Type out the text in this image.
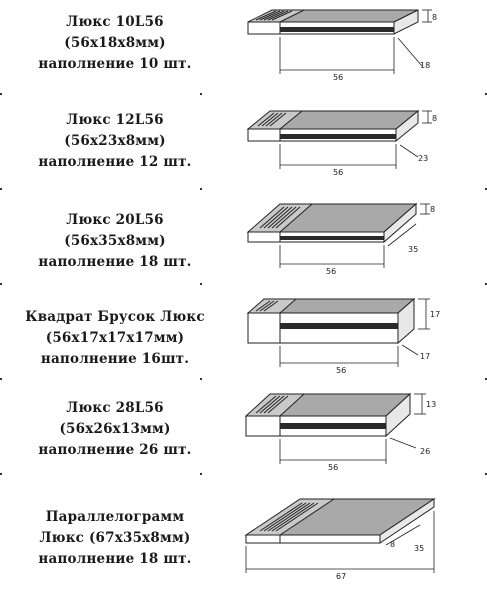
Люкс 10L56
(56x18x8мм)
наполнение 10 шт.
56
8
18
Люкс 12L56
(56x23x8мм)
наполнение 12 шт.
56
8
23
Люкс 20L56
(56x35x8мм)
наполнение 18 шт.
56
8
35
Квадрат Брусок Люкс
(56x17x17x17мм)
наполнение 16шт.
56
17
17
Люкс 28L56
(56x26x13мм)
наполнение 26 шт.
56
13
26
Параллелограмм
Люкс (67x35x8мм)
наполнение 18 шт.
67
8 35
